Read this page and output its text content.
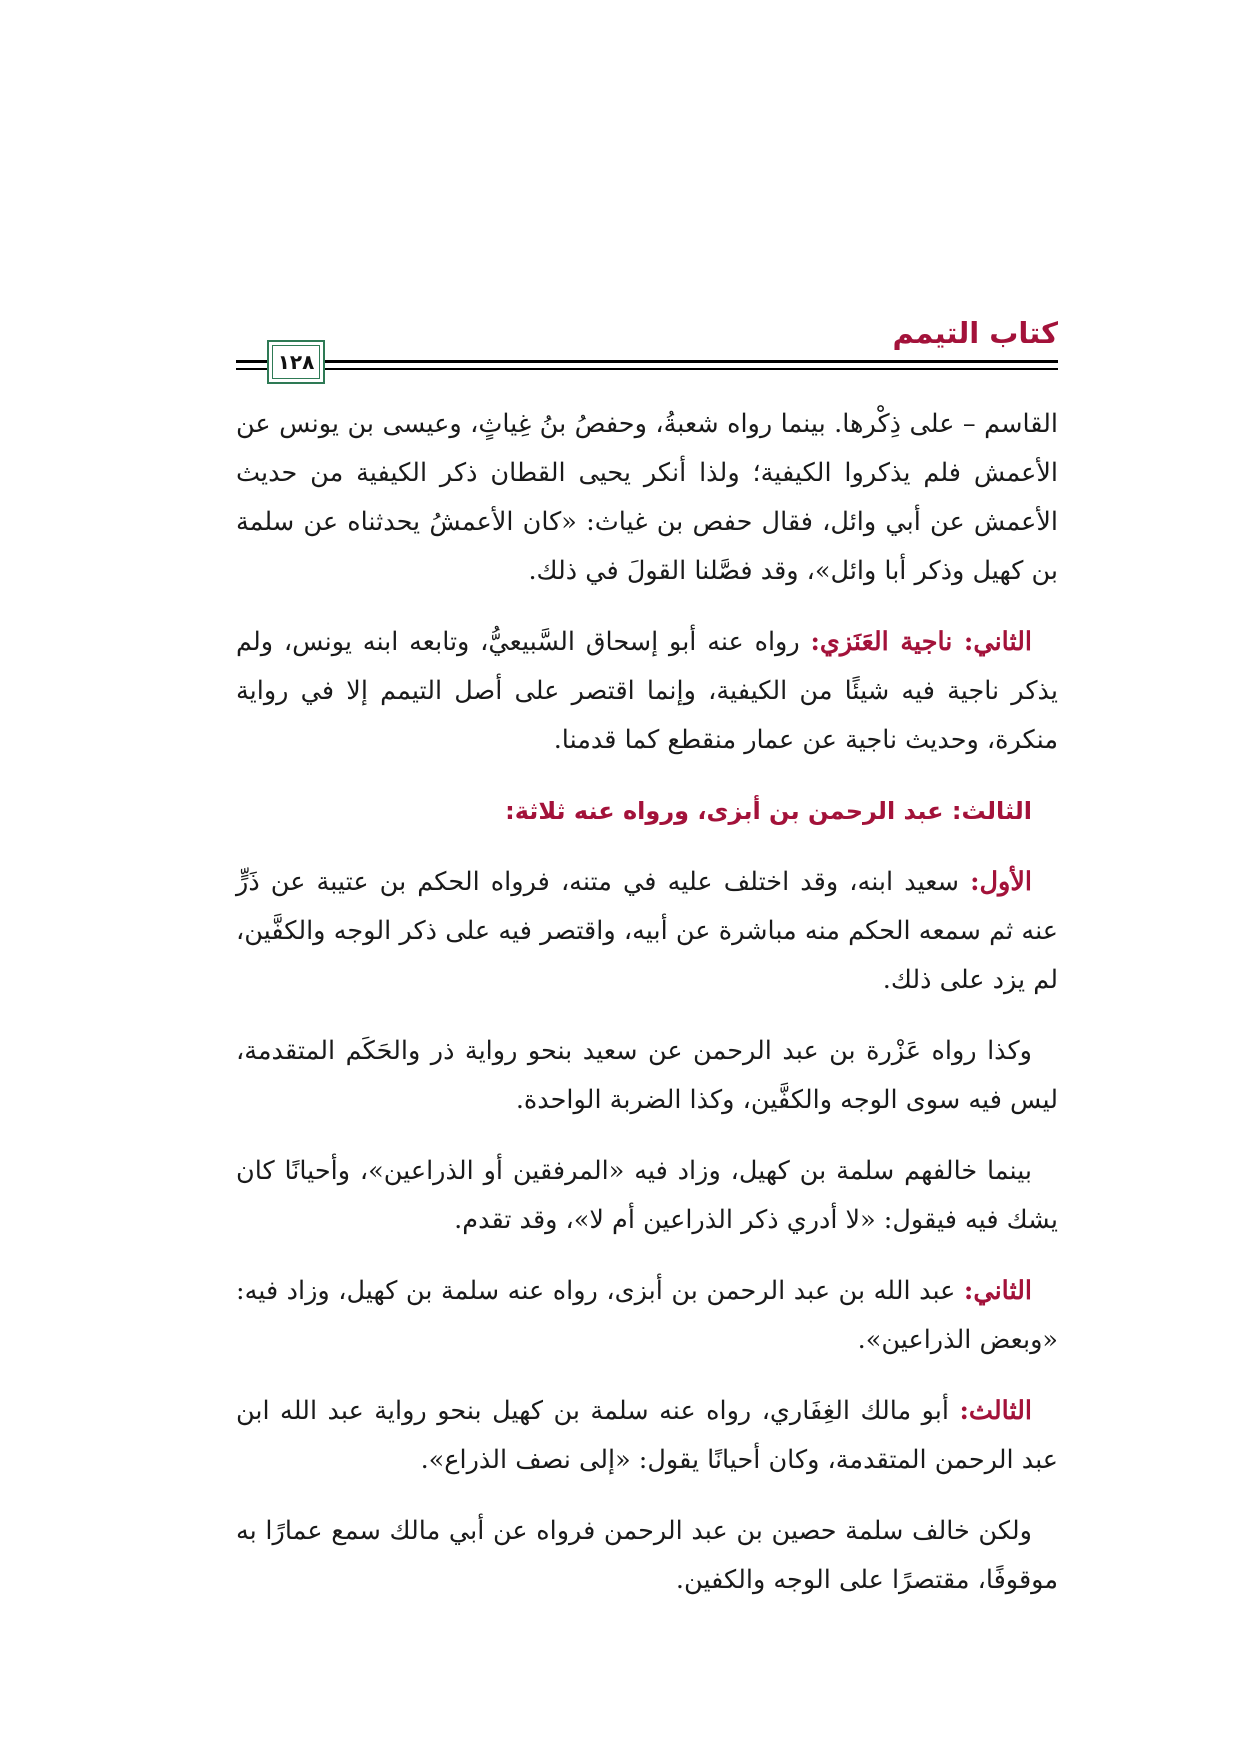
كتاب التيمم
١٢٨

القاسم – على ذِكْرها. بينما رواه شعبةُ، وحفصُ بنُ غِياثٍ، وعيسى بن يونس عن الأعمش فلم يذكروا الكيفية؛ ولذا أنكر يحيى القطان ذكر الكيفية من حديث الأعمش عن أبي وائل، فقال حفص بن غياث: «كان الأعمشُ يحدثناه عن سلمة بن كهيل وذكر أبا وائل»، وقد فصَّلنا القولَ في ذلك.

الثاني: ناجية العَنَزي: رواه عنه أبو إسحاق السَّبيعيُّ، وتابعه ابنه يونس، ولم يذكر ناجية فيه شيئًا من الكيفية، وإنما اقتصر على أصل التيمم إلا في رواية منكرة، وحديث ناجية عن عمار منقطع كما قدمنا.

الثالث: عبد الرحمن بن أبزى، ورواه عنه ثلاثة:

الأول: سعيد ابنه، وقد اختلف عليه في متنه، فرواه الحكم بن عتيبة عن ذَرٍّ عنه ثم سمعه الحكم منه مباشرة عن أبيه، واقتصر فيه على ذكر الوجه والكفَّين، لم يزد على ذلك.

وكذا رواه عَزْرة بن عبد الرحمن عن سعيد بنحو رواية ذر والحَكَم المتقدمة، ليس فيه سوى الوجه والكفَّين، وكذا الضربة الواحدة.

بينما خالفهم سلمة بن كهيل، وزاد فيه «المرفقين أو الذراعين»، وأحيانًا كان يشك فيه فيقول: «لا أدري ذكر الذراعين أم لا»، وقد تقدم.

الثاني: عبد الله بن عبد الرحمن بن أبزى، رواه عنه سلمة بن كهيل، وزاد فيه: «وبعض الذراعين».

الثالث: أبو مالك الغِفَاري، رواه عنه سلمة بن كهيل بنحو رواية عبد الله ابن عبد الرحمن المتقدمة، وكان أحيانًا يقول: «إلى نصف الذراع».

ولكن خالف سلمة حصين بن عبد الرحمن فرواه عن أبي مالك سمع عمارًا به موقوفًا، مقتصرًا على الوجه والكفين.
